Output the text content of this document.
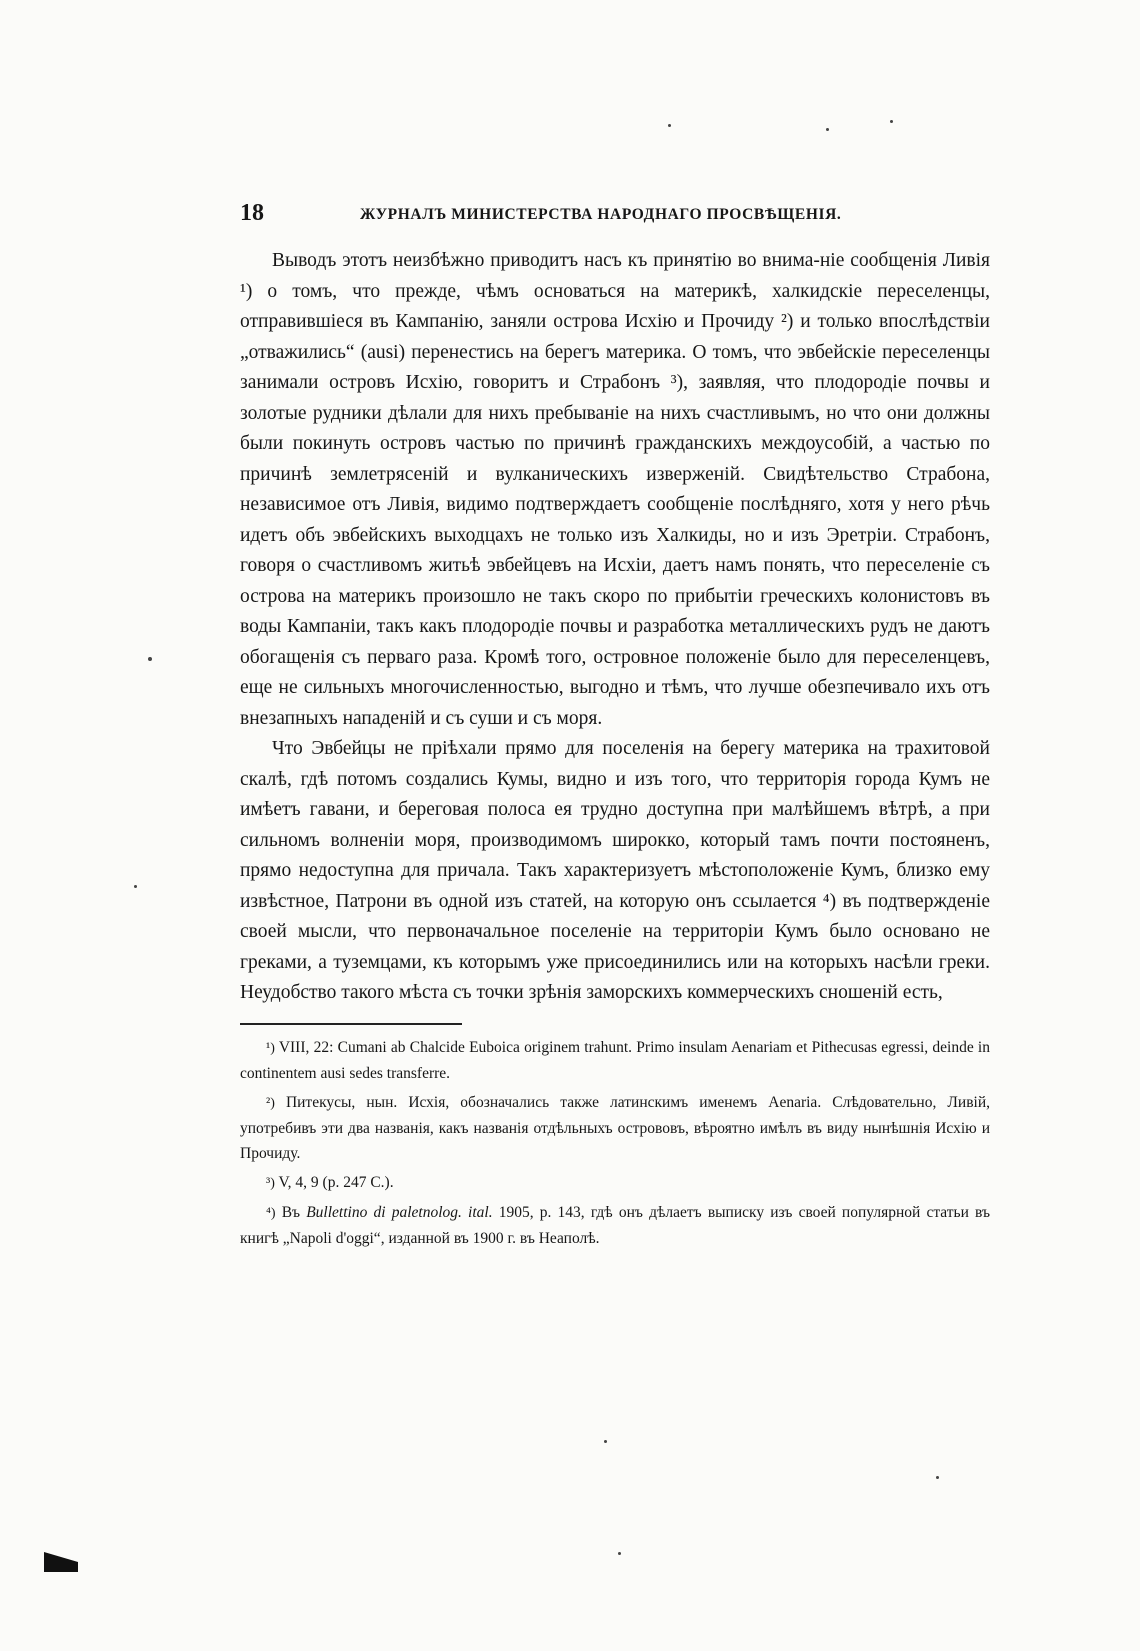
18	ЖУРНАЛЪ МИНИСТЕРСТВА НАРОДНАГО ПРОСВѢЩЕНІЯ.

Выводъ этотъ неизбѣжно приводитъ насъ къ принятію во внима-ніе сообщенія Ливія ¹) о томъ, что прежде, чѣмъ основаться на материкѣ, халкидскіе переселенцы, отправившіеся въ Кампанію, заняли острова Исхію и Прочиду ²) и только впослѣдствіи „отважились“ (ausi) перенестись на берегъ материка. О томъ, что эвбейскіе переселенцы занимали островъ Исхію, говоритъ и Страбонъ ³), заявляя, что плодородіе почвы и золотые рудники дѣлали для нихъ пребываніе на нихъ счастливымъ, но что они должны были покинуть островъ частью по причинѣ гражданскихъ междоусобій, а частью по причинѣ землетрясеній и вулканическихъ изверженій. Свидѣтельство Страбона, независимое отъ Ливія, видимо подтверждаетъ сообщеніе послѣдняго, хотя у него рѣчь идетъ объ эвбейскихъ выходцахъ не только изъ Халкиды, но и изъ Эретріи. Страбонъ, говоря о счастливомъ житьѣ эвбейцевъ на Исхіи, даетъ намъ понять, что переселеніе съ острова на материкъ произошло не такъ скоро по прибытіи греческихъ колонистовъ въ воды Кампаніи, такъ какъ плодородіе почвы и разработка металлическихъ рудъ не даютъ обогащенія съ перваго раза. Кромѣ того, островное положеніе было для переселенцевъ, еще не сильныхъ многочисленностью, выгодно и тѣмъ, что лучше обезпечивало ихъ отъ внезапныхъ нападеній и съ суши и съ моря.

Что Эвбейцы не пріѣхали прямо для поселенія на берегу материка на трахитовой скалѣ, гдѣ потомъ создались Кумы, видно и изъ того, что территорія города Кумъ не имѣетъ гавани, и береговая полоса ея трудно доступна при малѣйшемъ вѣтрѣ, а при сильномъ волненіи моря, производимомъ широкко, который тамъ почти постояненъ, прямо недоступна для причала. Такъ характеризуетъ мѣстоположеніе Кумъ, близко ему извѣстное, Патрони въ одной изъ статей, на которую онъ ссылается ⁴) въ подтвержденіе своей мысли, что первоначальное поселеніе на территоріи Кумъ было основано не греками, а туземцами, къ которымъ уже присоединились или на которыхъ насѣли греки. Неудобство такого мѣста съ точки зрѣнія заморскихъ коммерческихъ сношеній есть,

¹) VIII, 22: Cumani ab Chalcide Euboica originem trahunt. Primo insulam Aenariam et Pithecusas egressi, deinde in continentem ausi sedes transferre.

²) Питекусы, нын. Исхія, обозначались также латинскимъ именемъ Aenaria. Слѣдовательно, Ливій, употребивъ эти два названія, какъ названія отдѣльныхъ острововъ, вѣроятно имѣлъ въ виду нынѣшнія Исхію и Прочиду.

³) V, 4, 9 (p. 247 C.).

⁴) Въ Bullettino di paletnolog. ital. 1905, p. 143, гдѣ онъ дѣлаетъ выписку изъ своей популярной статьи въ книгѣ „Napoli d'oggi“, изданной въ 1900 г. въ Неаполѣ.
